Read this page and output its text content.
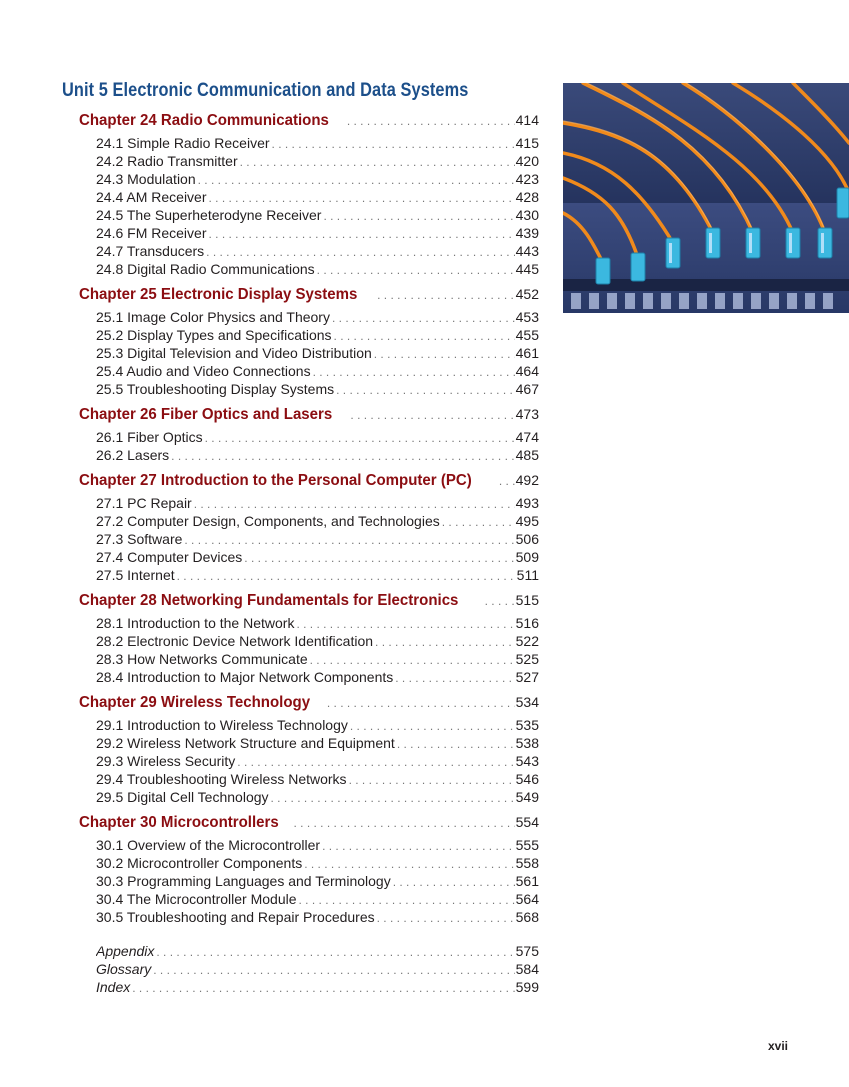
Unit 5 Electronic Communication and Data Systems
Chapter 24 Radio Communications . . .	414
24.1 Simple Radio Receiver . . .	415
24.2 Radio Transmitter . . .	420
24.3 Modulation . . .	423
24.4 AM Receiver . . .	428
24.5 The Superheterodyne Receiver . . .	430
24.6 FM Receiver . . .	439
24.7 Transducers . . .	443
24.8 Digital Radio Communications . . .	445
Chapter 25 Electronic Display Systems . . .	452
25.1 Image Color Physics and Theory . . .	453
25.2 Display Types and Specifications . . .	455
25.3 Digital Television and Video Distribution . . .	461
25.4 Audio and Video Connections . . .	464
25.5 Troubleshooting Display Systems . . .	467
Chapter 26 Fiber Optics and Lasers . . .	473
26.1 Fiber Optics . . .	474
26.2 Lasers . . .	485
Chapter 27 Introduction to the Personal Computer (PC) . . .	492
27.1 PC Repair . . .	493
27.2 Computer Design, Components, and Technologies . . .	495
27.3 Software . . .	506
27.4 Computer Devices . . .	509
27.5 Internet . . .	511
Chapter 28 Networking Fundamentals for Electronics . . .	515
28.1 Introduction to the Network . . .	516
28.2 Electronic Device Network Identification . . .	522
28.3 How Networks Communicate . . .	525
28.4 Introduction to Major Network Components . . .	527
Chapter 29 Wireless Technology . . .	534
29.1 Introduction to Wireless Technology . . .	535
29.2 Wireless Network Structure and Equipment . . .	538
29.3 Wireless Security . . .	543
29.4 Troubleshooting Wireless Networks . . .	546
29.5 Digital Cell Technology . . .	549
Chapter 30 Microcontrollers . . .	554
30.1 Overview of the Microcontroller . . .	555
30.2 Microcontroller Components . . .	558
30.3 Programming Languages and Terminology . . .	561
30.4 The Microcontroller Module . . .	564
30.5 Troubleshooting and Repair Procedures . . .	568
Appendix . . .	575
Glossary . . .	584
Index . . .	599
xvii
